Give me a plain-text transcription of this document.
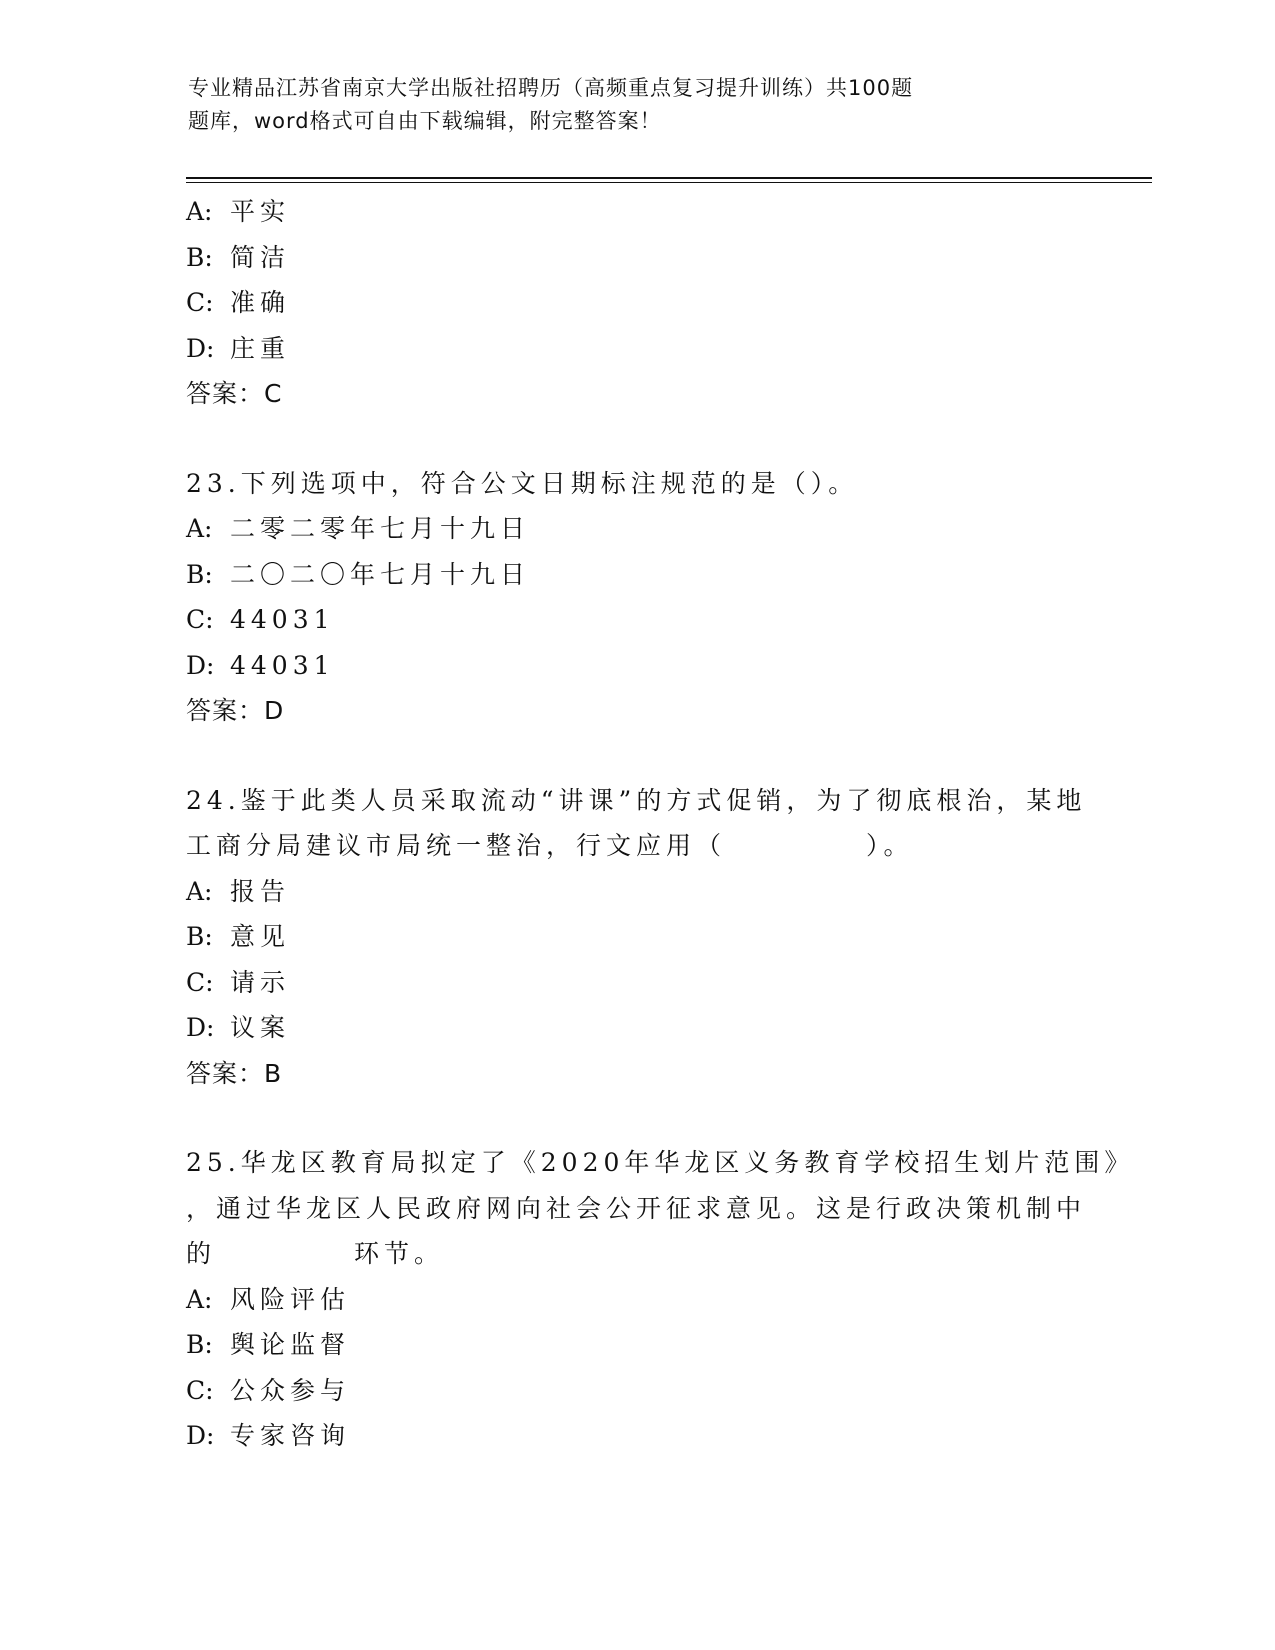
专业精品江苏省南京大学出版社招聘历（高频重点复习提升训练）共100题
题库，word格式可自由下载编辑，附完整答案！
A: 平实
B: 简洁
C: 准确
D: 庄重
答案：C
23.下列选项中，符合公文日期标注规范的是（）。
A: 二零二零年七月十九日
B: 二〇二〇年七月十九日
C: 44031
D: 44031
答案：D
24.鉴于此类人员采取流动“讲课”的方式促销，为了彻底根治，某地
工商分局建议市局统一整治，行文应用（	）。
A: 报告
B: 意见
C: 请示
D: 议案
答案：B
25.华龙区教育局拟定了《2020年华龙区义务教育学校招生划片范围》
，通过华龙区人民政府网向社会公开征求意见。这是行政决策机制中
的	环节。
A: 风险评估
B: 舆论监督
C: 公众参与
D: 专家咨询
